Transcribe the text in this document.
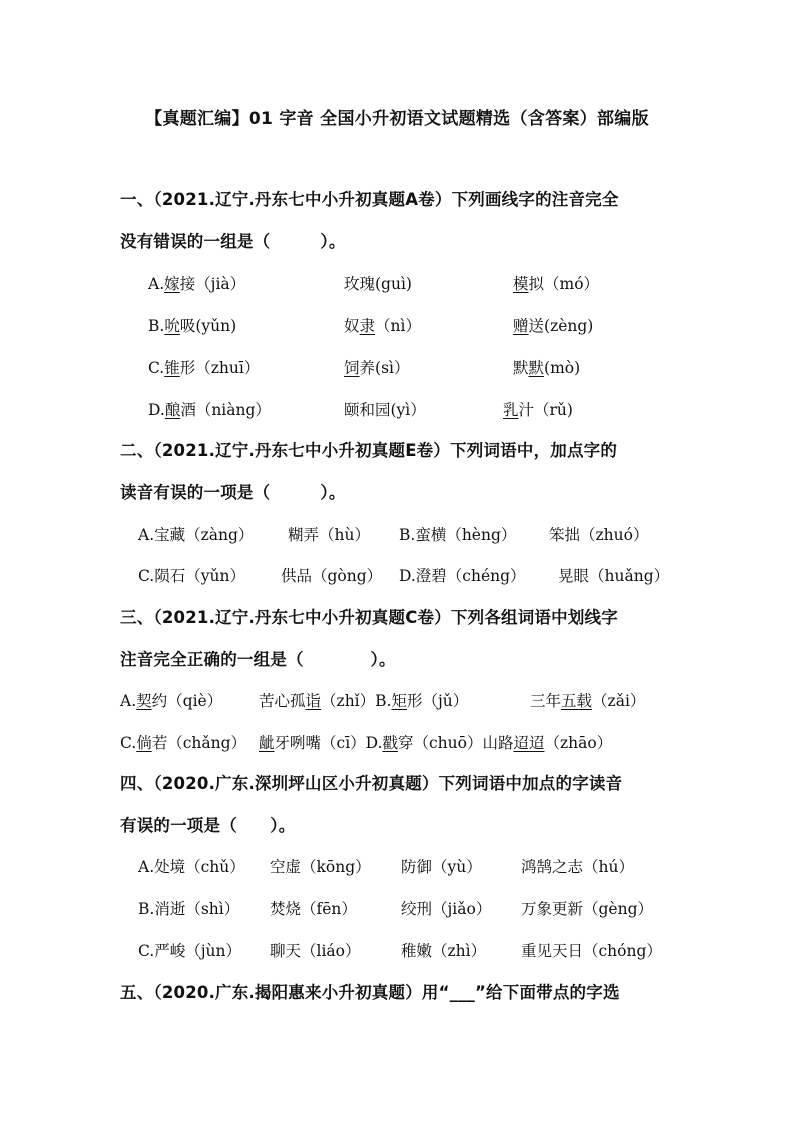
【真题汇编】01 字音 全国小升初语文试题精选（含答案）部编版
一、（2021.辽宁.丹东七中小升初真题A卷）下列画线字的注音完全
没有错误的一组是（　　　）。
A.嫁接（jià）	玫瑰(guì)	模拟（mó）
B.吮吸(yǔn)	奴隶（nì）	赠送(zèng)
C.锥形（zhuī）	饲养(sì）	默默(mò)
D.酿酒（niàng）	颐和园(yì）	乳汁（rǔ)
二、（2021.辽宁.丹东七中小升初真题E卷）下列词语中，加点字的
读音有误的一项是（　　　）。
A.宝藏（zàng） 糊弄（hù） B.蛮横（hèng） 笨拙（zhuó）
C.陨石（yǔn） 供品（gòng） D.澄碧（chéng） 晃眼（huǎng）
三、（2021.辽宁.丹东七中小升初真题C卷）下列各组词语中划线字
注音完全正确的一组是（　　　　）。
A.契约（qiè） 苦心孤诣（zhǐ）B.矩形（jǔ）	三年五载（zǎi）
C.倘若（chǎng） 龇牙咧嘴（cī）D.戳穿（chuō）山路迢迢（zhāo）
四、（2020.广东.深圳坪山区小升初真题）下列词语中加点的字读音
有误的一项是（　　）。
A.处境（chǔ） 空虚（kōng） 防御（yù）	鸿鹄之志（hú）
B.消逝（shì） 焚烧（fēn）	绞刑（jiǎo） 万象更新（gèng）
C.严峻（jùn） 聊天（liáo）	稚嫩（zhì） 重见天日（chóng）
五、（2020.广东.揭阳惠来小升初真题）用“___”给下面带点的字选
